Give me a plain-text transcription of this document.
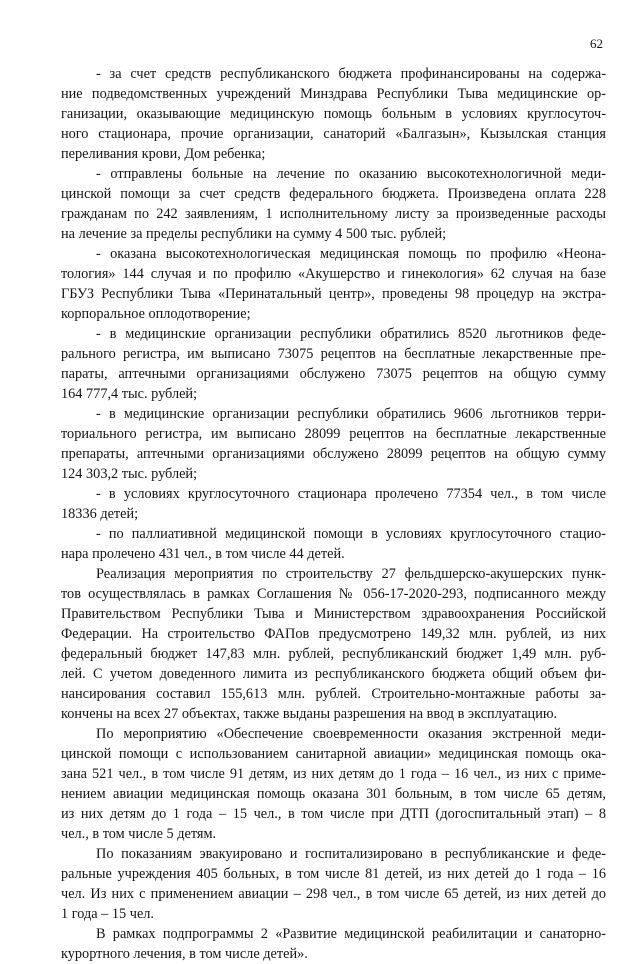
62
- за счет средств республиканского бюджета профинансированы на содержа-
ние подведомственных учреждений Минздрава Республики Тыва медицинские ор-
ганизации, оказывающие медицинскую помощь больным в условиях круглосуточ-
ного стационара, прочие организации, санаторий «Балгазын», Кызылская станция
переливания крови, Дом ребенка;
- отправлены больные на лечение по оказанию высокотехнологичной меди-
цинской помощи за счет средств федерального бюджета. Произведена оплата 228
гражданам по 242 заявлениям, 1 исполнительному листу за произведенные расходы
на лечение за пределы республики на сумму 4 500 тыс. рублей;
- оказана высокотехнологическая медицинская помощь по профилю «Неона-
тология» 144 случая и по профилю «Акушерство и гинекология» 62 случая на базе
ГБУЗ Республики Тыва «Перинатальный центр», проведены 98 процедур на экстра-
корпоральное оплодотворение;
- в медицинские организации республики обратились 8520 льготников феде-
рального регистра, им выписано 73075 рецептов на бесплатные лекарственные пре-
параты, аптечными организациями обслужено 73075 рецептов на общую сумму
164 777,4 тыс. рублей;
- в медицинские организации республики обратились 9606 льготников терри-
ториального регистра, им выписано 28099 рецептов на бесплатные лекарственные
препараты, аптечными организациями обслужено 28099 рецептов на общую сумму
124 303,2 тыс. рублей;
- в условиях круглосуточного стационара пролечено 77354 чел., в том числе
18336 детей;
- по паллиативной медицинской помощи в условиях круглосуточного стацио-
нара пролечено 431 чел., в том числе 44 детей.
Реализация мероприятия по строительству 27 фельдшерско-акушерских пунк-
тов осуществлялась в рамках Соглашения № 056-17-2020-293, подписанного между
Правительством Республики Тыва и Министерством здравоохранения Российской
Федерации. На строительство ФАПов предусмотрено 149,32 млн. рублей, из них
федеральный бюджет 147,83 млн. рублей, республиканский бюджет 1,49 млн. руб-
лей. С учетом доведенного лимита из республиканского бюджета общий объем фи-
нансирования составил 155,613 млн. рублей. Строительно-монтажные работы за-
кончены на всех 27 объектах, также выданы разрешения на ввод в эксплуатацию.
По мероприятию «Обеспечение своевременности оказания экстренной меди-
цинской помощи с использованием санитарной авиации» медицинская помощь ока-
зана 521 чел., в том числе 91 детям, из них детям до 1 года – 16 чел., из них с приме-
нением авиации медицинская помощь оказана 301 больным, в том числе 65 детям,
из них детям до 1 года – 15 чел., в том числе при ДТП (догоспитальный этап) – 8
чел., в том числе 5 детям.
По показаниям эвакуировано и госпитализировано в республиканские и феде-
ральные учреждения 405 больных, в том числе 81 детей, из них детей до 1 года – 16
чел. Из них с применением авиации – 298 чел., в том числе 65 детей, из них детей до
1 года – 15 чел.
В рамках подпрограммы 2 «Развитие медицинской реабилитации и санаторно-
курортного лечения, в том числе детей».
